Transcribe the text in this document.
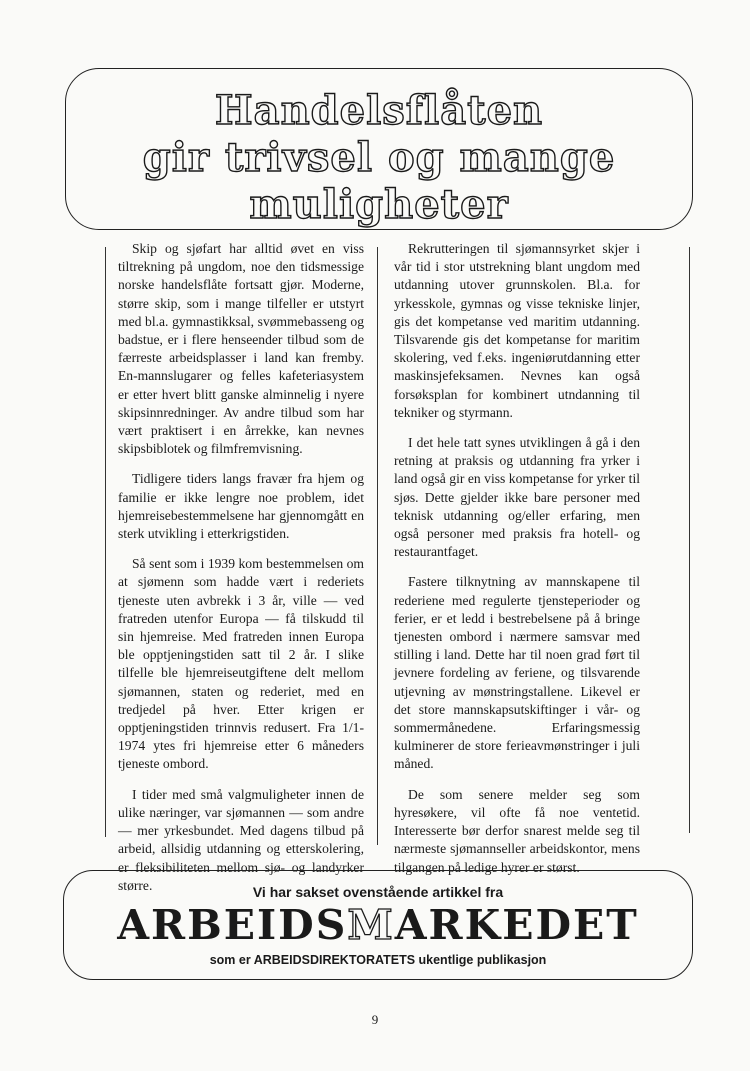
Handelsflåten
gir trivsel og mange
muligheter

Skip og sjøfart har alltid øvet en viss tiltrekning på ungdom, noe den tidsmessige norske handelsflåte fortsatt gjør. Moderne, større skip, som i mange tilfeller er utstyrt med bl.a. gymnastikksal, svømmebasseng og badstue, er i flere henseender tilbud som de færreste arbeidsplasser i land kan fremby. En-mannslugarer og felles kafeteriasystem er etter hvert blitt ganske alminnelig i nyere skipsinnredninger. Av andre tilbud som har vært praktisert i en årrekke, kan nevnes skipsbiblotek og filmfremvisning.

Tidligere tiders langs fravær fra hjem og familie er ikke lengre noe problem, idet hjemreisebestemmelsene har gjennomgått en sterk utvikling i etterkrigstiden.

Så sent som i 1939 kom bestemmelsen om at sjømenn som hadde vært i rederiets tjeneste uten avbrekk i 3 år, ville — ved fratreden utenfor Europa — få tilskudd til sin hjemreise. Med fratreden innen Europa ble opptjeningstiden satt til 2 år. I slike tilfelle ble hjemreiseutgiftene delt mellom sjømannen, staten og rederiet, med en tredjedel på hver. Etter krigen er opptjeningstiden trinnvis redusert. Fra 1/1-1974 ytes fri hjemreise etter 6 måneders tjeneste ombord.

I tider med små valgmuligheter innen de ulike næringer, var sjømannen — som andre — mer yrkesbundet. Med dagens tilbud på arbeid, allsidig utdanning og etterskolering, er fleksibiliteten mellom sjø- og landyrker større.

Rekrutteringen til sjømannsyrket skjer i vår tid i stor utstrekning blant ungdom med utdanning utover grunnskolen. Bl.a. for yrkesskole, gymnas og visse tekniske linjer, gis det kompetanse ved maritim utdanning. Tilsvarende gis det kompetanse for maritim skolering, ved f.eks. ingeniørutdanning etter maskinsjefeksamen. Nevnes kan også forsøksplan for kombinert utndanning til tekniker og styrmann.

I det hele tatt synes utviklingen å gå i den retning at praksis og utdanning fra yrker i land også gir en viss kompetanse for yrker til sjøs. Dette gjelder ikke bare personer med teknisk utdanning og/eller erfaring, men også personer med praksis fra hotell- og restaurantfaget.

Fastere tilknytning av mannskapene til rederiene med regulerte tjensteperioder og ferier, er et ledd i bestrebelsene på å bringe tjenesten ombord i nærmere samsvar med stilling i land. Dette har til noen grad ført til jevnere fordeling av feriene, og tilsvarende utjevning av mønstringstallene. Likevel er det store mannskapsutskiftinger i vår- og sommermånedene. Erfaringsmessig kulminerer de store ferieavmønstringer i juli måned.

De som senere melder seg som hyresøkere, vil ofte få noe ventetid. Interesserte bør derfor snarest melde seg til nærmeste sjømannseller arbeidskontor, mens tilgangen på ledige hyrer er størst.

Vi har sakset ovenstående artikkel fra
ARBEIDSMARKEDET
som er ARBEIDSDIREKTORATETS ukentlige publikasjon
9
